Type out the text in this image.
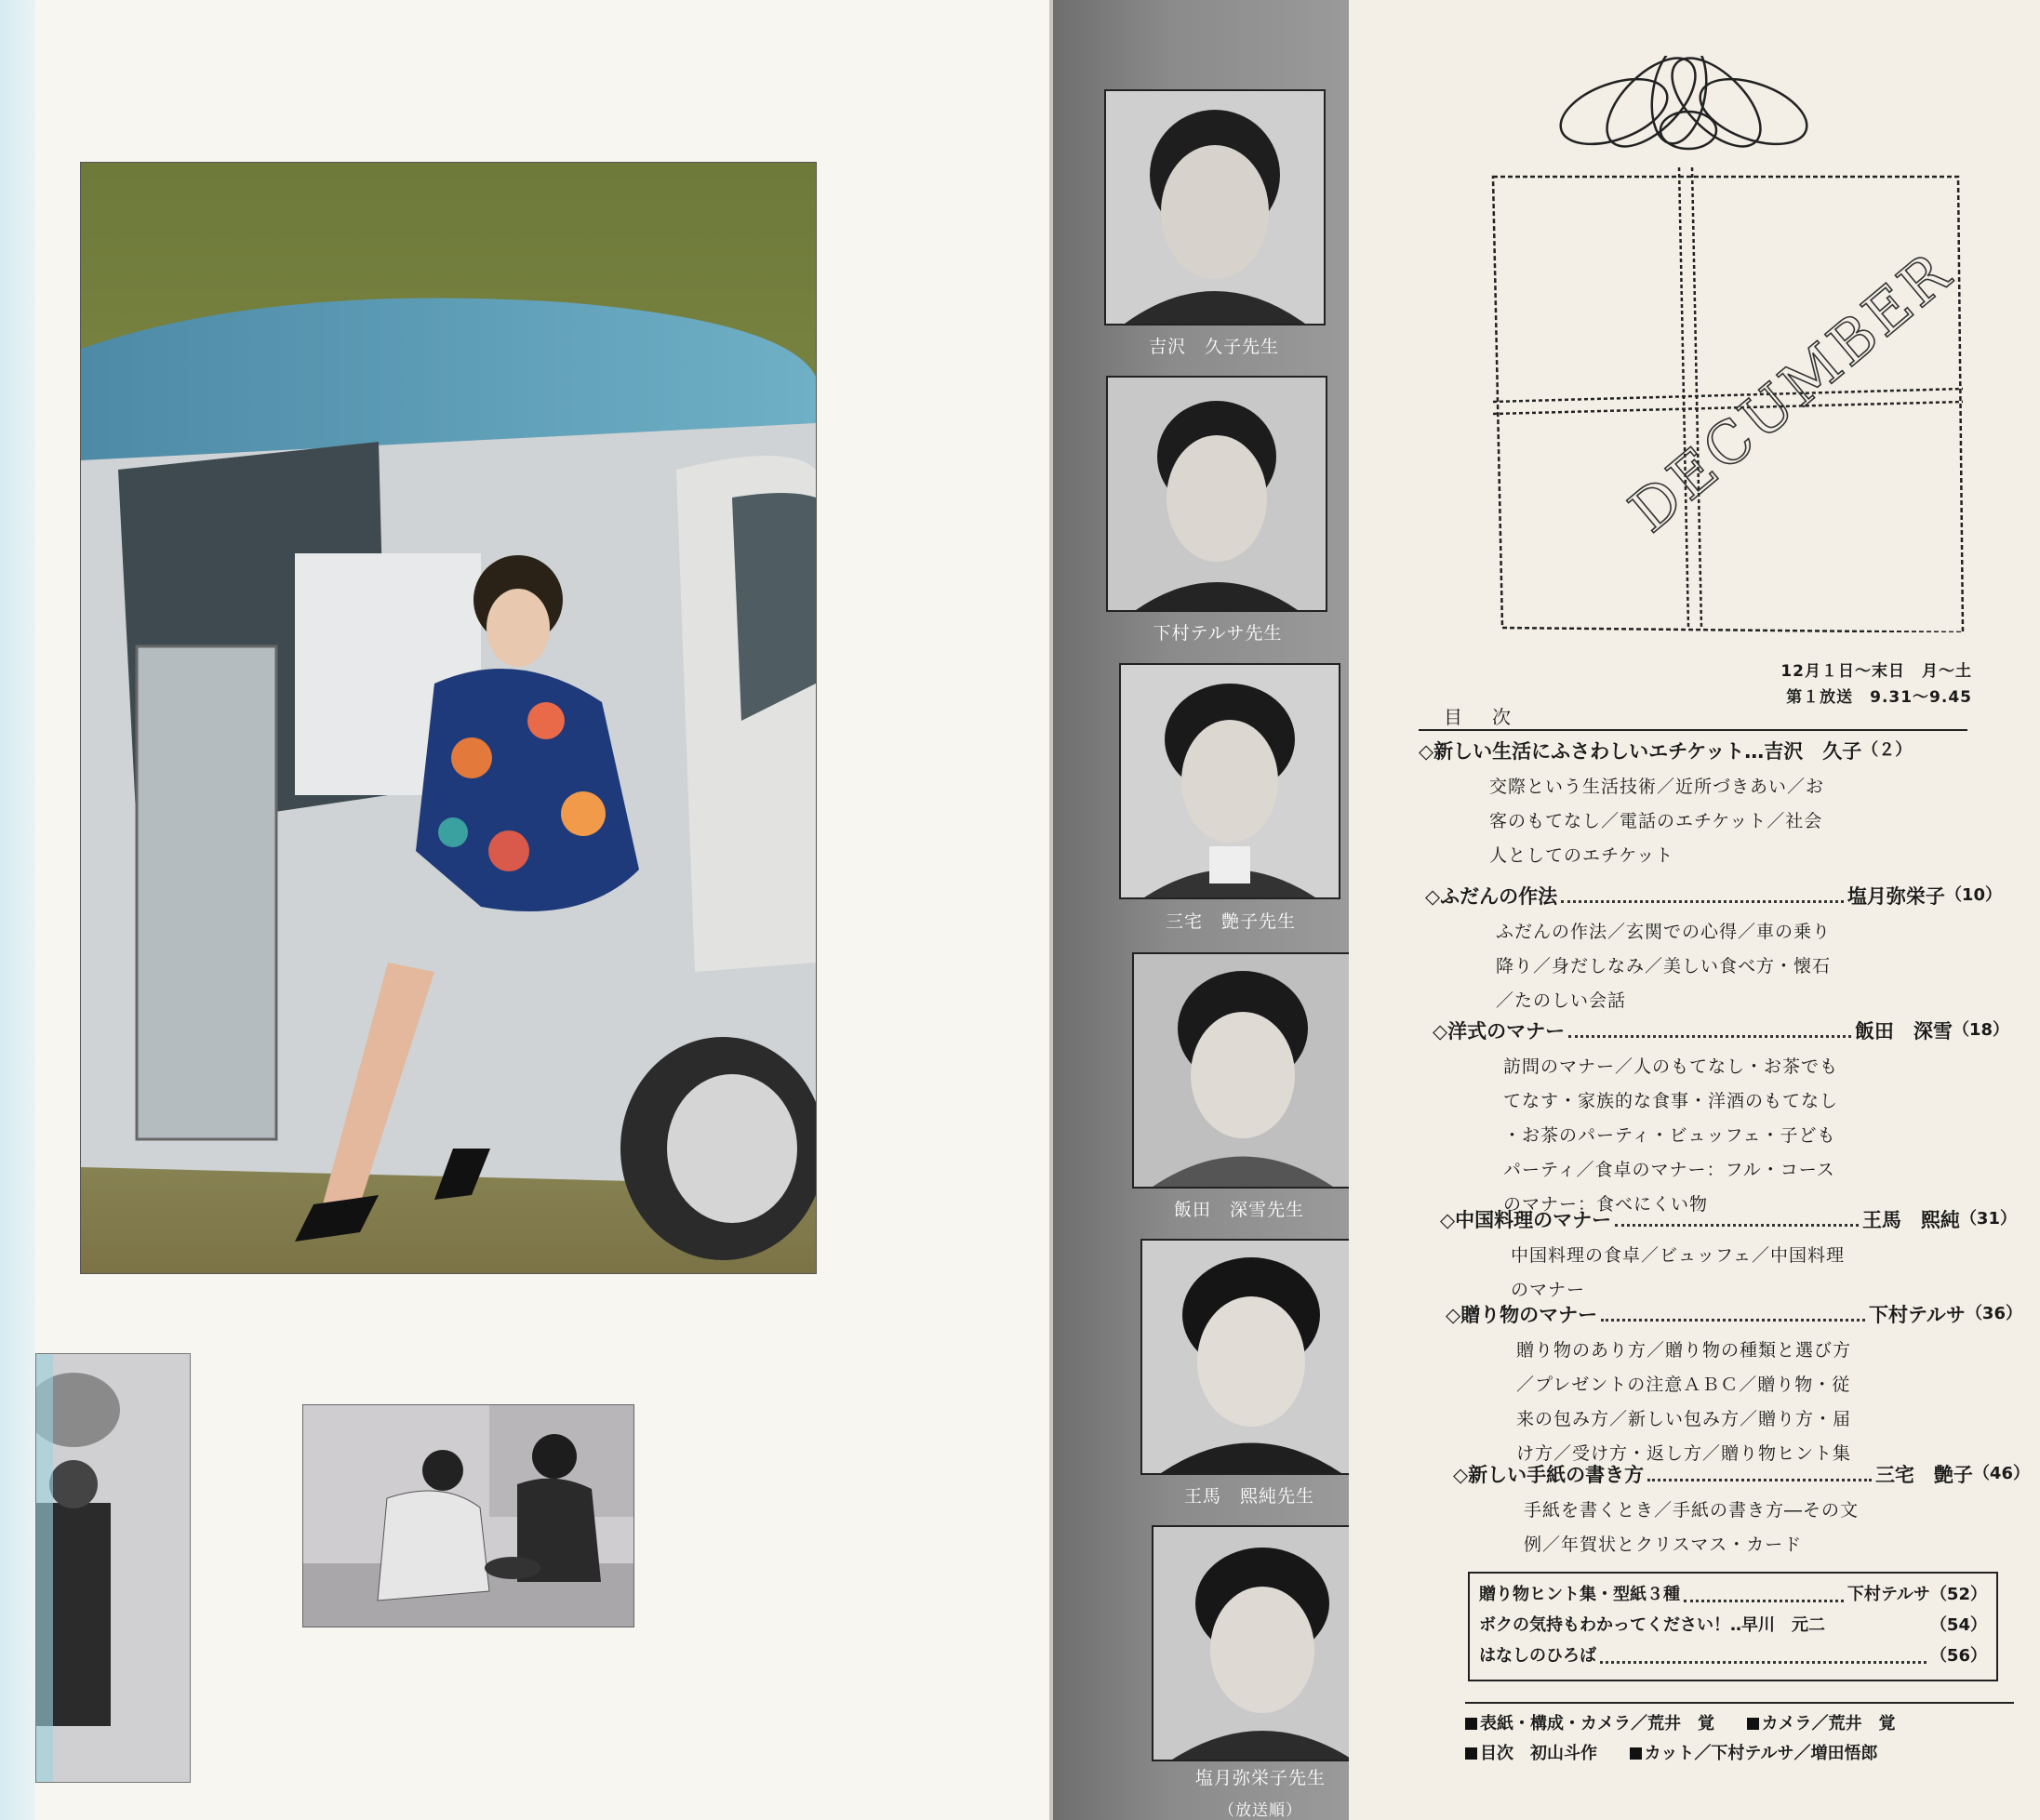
吉沢　久子先生
下村テルサ先生
三宅　艶子先生
飯田　深雪先生
王馬　熙純先生
塩月弥栄子先生
（放送順）
DECUMBER
12月１日～末日　月～土
第１放送　9.31～9.45
目　次
◇新しい生活にふさわしいエチケット …吉沢　久子 （２）
交際という生活技術／近所づきあい／お
客のもてなし／電話のエチケット／社会
人としてのエチケット
◇ふだんの作法	塩月弥栄子 （10）
ふだんの作法／玄関での心得／車の乗り
降り／身だしなみ／美しい食べ方・懐石
／たのしい会話
◇洋式のマナー	飯田　深雪 （18）
訪問のマナー／人のもてなし・お茶でも
てなす・家族的な食事・洋酒のもてなし
・お茶のパーティ・ビュッフェ・子ども
パーティ／食卓のマナー：フル・コース
のマナー：食べにくい物
◇中国料理のマナー	王馬　熙純 （31）
中国料理の食卓／ビュッフェ／中国料理
のマナー
◇贈り物のマナー	下村テルサ （36）
贈り物のあり方／贈り物の種類と選び方
／プレゼントの注意ＡＢＣ／贈り物・従
来の包み方／新しい包み方／贈り方・届
け方／受け方・返し方／贈り物ヒント集
◇新しい手紙の書き方	三宅　艶子 （46）
手紙を書くとき／手紙の書き方―その文
例／年賀状とクリスマス・カード
贈り物ヒント集・型紙３種	下村テルサ （52）
ボクの気持もわかってください！ ‥早川　元二	（54）
はなしのひろば	（56）
表紙・構成・カメラ／荒井　覚	カメラ／荒井　覚
目次　初山斗作	カット／下村テルサ／増田悟郎
